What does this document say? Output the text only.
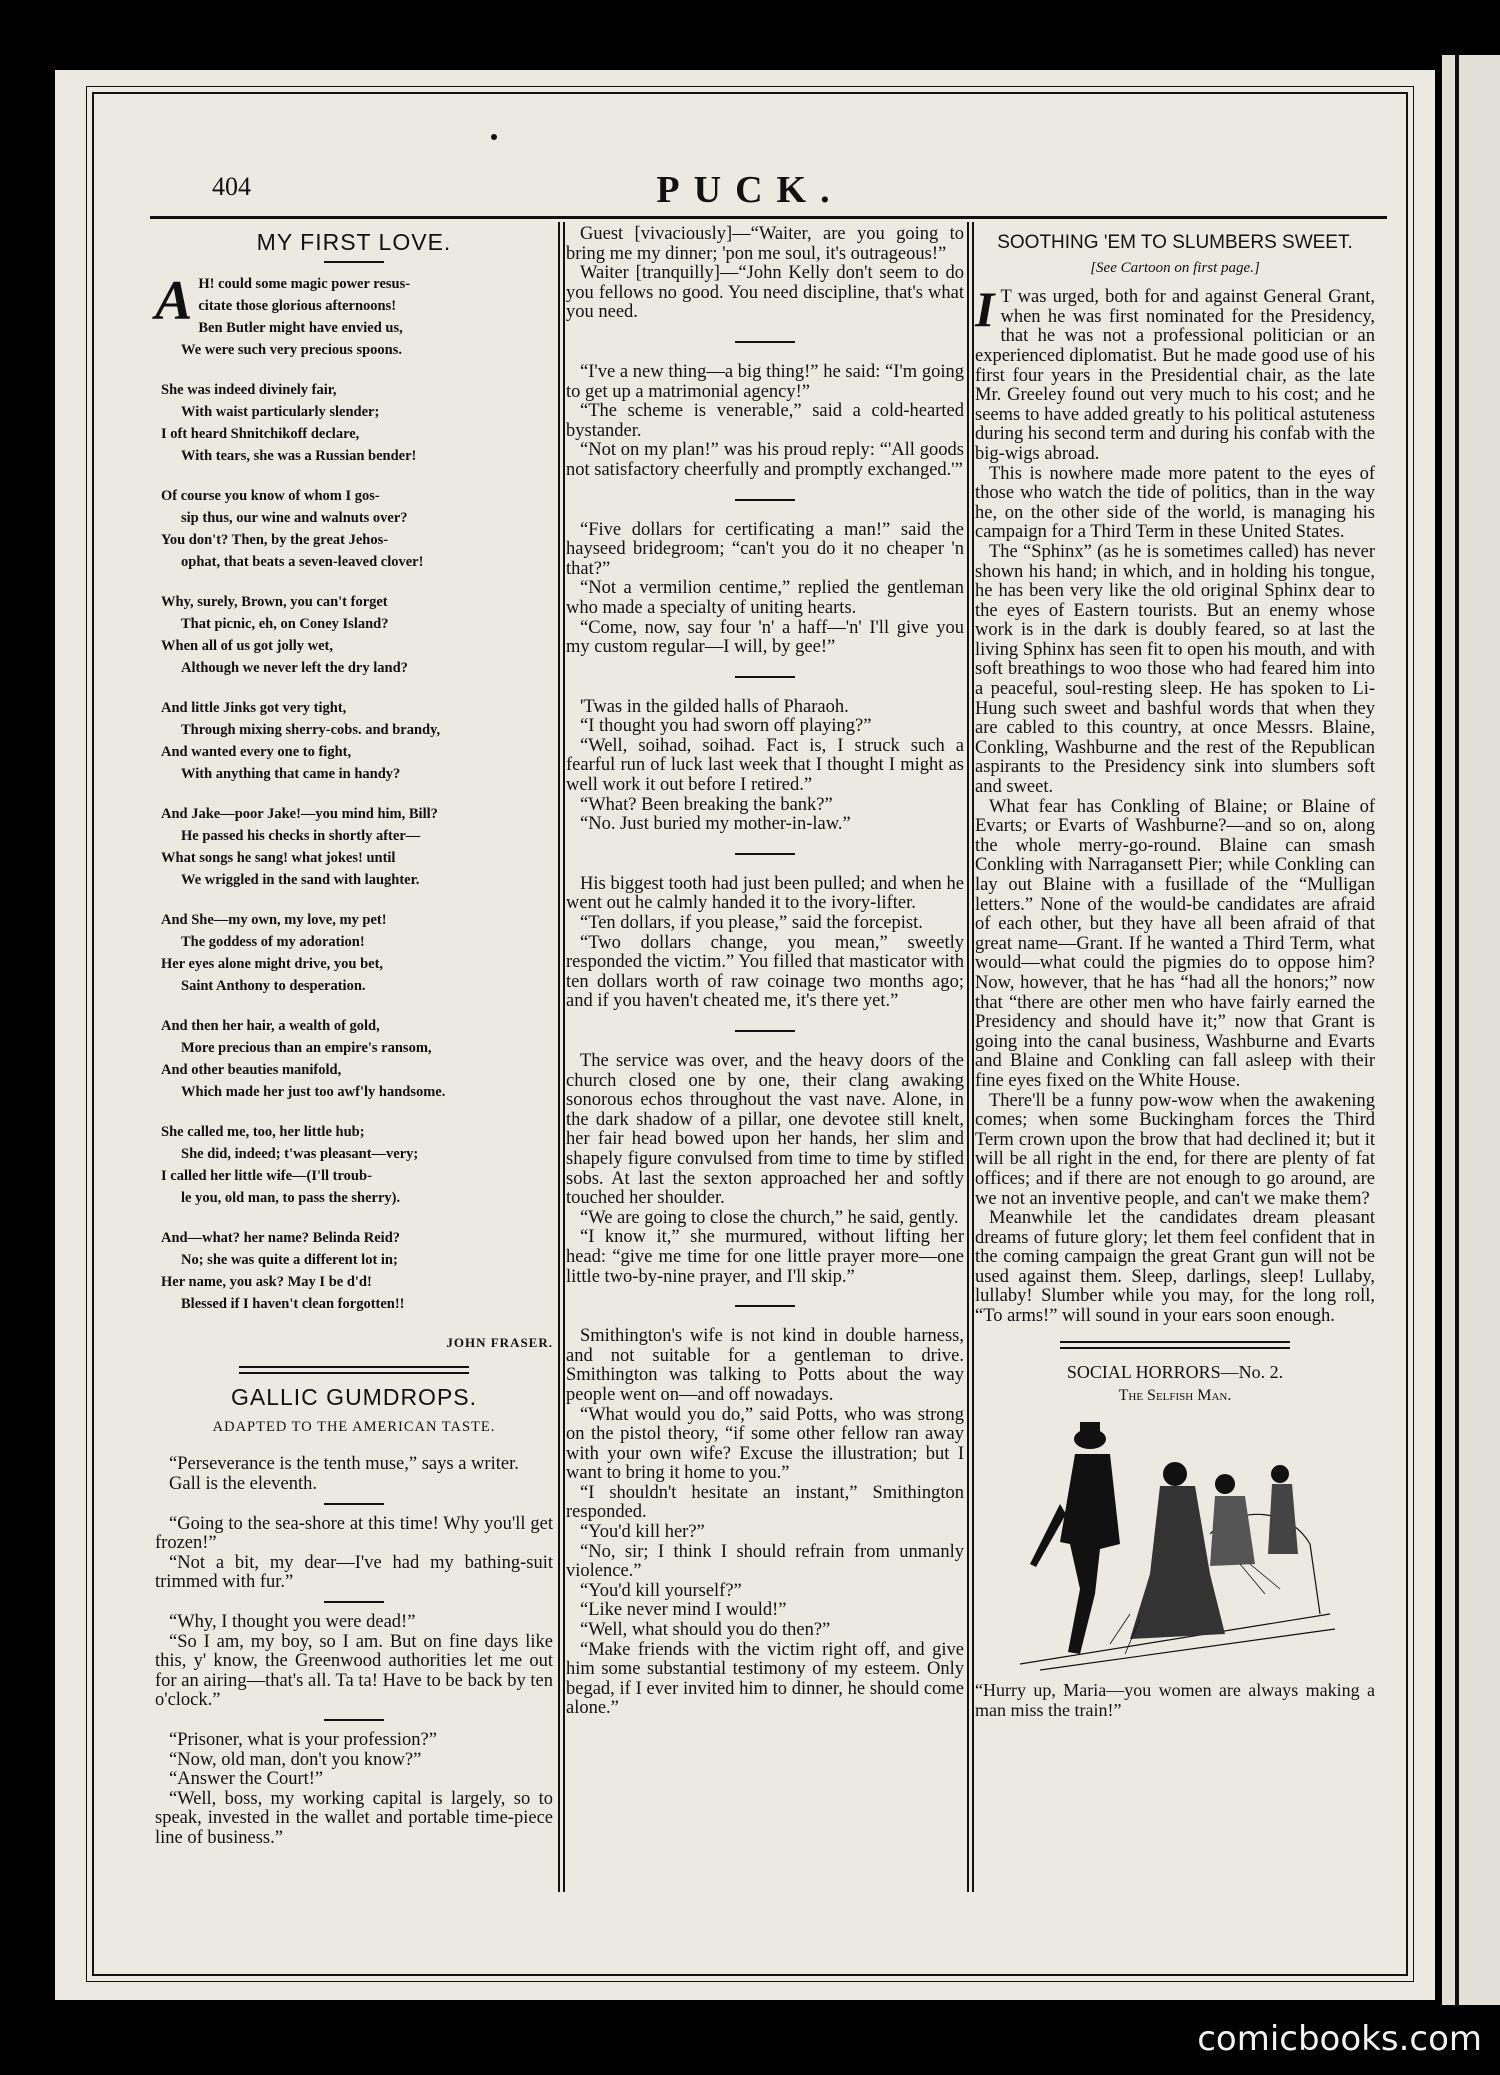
404	PUCK.
MY FIRST LOVE.
A H! could some magic power resus-
citate those glorious afternoons!
Ben Butler might have envied us,
We were such very precious spoons.
She was indeed divinely fair,
With waist particularly slender;
I oft heard Shnitchikoff declare,
With tears, she was a Russian bender!
Of course you know of whom I gos-
sip thus, our wine and walnuts over?
You don't? Then, by the great Jehos-
ophat, that beats a seven-leaved clover!
Why, surely, Brown, you can't forget
That picnic, eh, on Coney Island?
When all of us got jolly wet,
Although we never left the dry land?
And little Jinks got very tight,
Through mixing sherry-cobs. and brandy,
And wanted every one to fight,
With anything that came in handy?
And Jake—poor Jake!—you mind him, Bill?
He passed his checks in shortly after—
What songs he sang! what jokes! until
We wriggled in the sand with laughter.
And She—my own, my love, my pet!
The goddess of my adoration!
Her eyes alone might drive, you bet,
Saint Anthony to desperation.
And then her hair, a wealth of gold,
More precious than an empire's ransom,
And other beauties manifold,
Which made her just too awf'ly handsome.
She called me, too, her little hub;
She did, indeed; t'was pleasant—very;
I called her little wife—(I'll troub-
le you, old man, to pass the sherry).
And—what? her name? Belinda Reid?
No; she was quite a different lot in;
Her name, you ask? May I be d'd!
Blessed if I haven't clean forgotten!!
JOHN FRASER.
GALLIC GUMDROPS.
ADAPTED TO THE AMERICAN TASTE.

“Perseverance is the tenth muse,” says a writer.

Gall is the eleventh.

“Going to the sea-shore at this time! Why you'll get frozen!”

“Not a bit, my dear—I've had my bathing-suit trimmed with fur.”

“Why, I thought you were dead!”

“So I am, my boy, so I am. But on fine days like this, y' know, the Greenwood authorities let me out for an airing—that's all. Ta ta! Have to be back by ten o'clock.”

“Prisoner, what is your profession?”

“Now, old man, don't you know?”

“Answer the Court!”

“Well, boss, my working capital is largely, so to speak, invested in the wallet and portable time-piece line of business.”

Guest [vivaciously]—“Waiter, are you going to bring me my dinner; 'pon me soul, it's outrageous!”

Waiter [tranquilly]—“John Kelly don't seem to do you fellows no good. You need discipline, that's what you need.

“I've a new thing—a big thing!” he said: “I'm going to get up a matrimonial agency!”

“The scheme is venerable,” said a cold-hearted bystander.

“Not on my plan!” was his proud reply: “'All goods not satisfactory cheerfully and promptly exchanged.'”

“Five dollars for certificating a man!” said the hayseed bridegroom; “can't you do it no cheaper 'n that?”

“Not a vermilion centime,” replied the gentleman who made a specialty of uniting hearts.

“Come, now, say four 'n' a haff—'n' I'll give you my custom regular—I will, by gee!”

'Twas in the gilded halls of Pharaoh.

“I thought you had sworn off playing?”

“Well, soihad, soihad. Fact is, I struck such a fearful run of luck last week that I thought I might as well work it out before I retired.”

“What? Been breaking the bank?”

“No. Just buried my mother-in-law.”

His biggest tooth had just been pulled; and when he went out he calmly handed it to the ivory-lifter.

“Ten dollars, if you please,” said the forcepist.

“Two dollars change, you mean,” sweetly responded the victim.” You filled that masticator with ten dollars worth of raw coinage two months ago; and if you haven't cheated me, it's there yet.”

The service was over, and the heavy doors of the church closed one by one, their clang awaking sonorous echos throughout the vast nave. Alone, in the dark shadow of a pillar, one devotee still knelt, her fair head bowed upon her hands, her slim and shapely figure convulsed from time to time by stifled sobs. At last the sexton approached her and softly touched her shoulder.

“We are going to close the church,” he said, gently.

“I know it,” she murmured, without lifting her head: “give me time for one little prayer more—one little two-by-nine prayer, and I'll skip.”

Smithington's wife is not kind in double harness, and not suitable for a gentleman to drive. Smithington was talking to Potts about the way people went on—and off nowadays.

“What would you do,” said Potts, who was strong on the pistol theory, “if some other fellow ran away with your own wife? Excuse the illustration; but I want to bring it home to you.”

“I shouldn't hesitate an instant,” Smithington responded.

“You'd kill her?”

“No, sir; I think I should refrain from unmanly violence.”

“You'd kill yourself?”

“Like never mind I would!”

“Well, what should you do then?”

“Make friends with the victim right off, and give him some substantial testimony of my esteem. Only begad, if I ever invited him to dinner, he should come alone.”

SOOTHING 'EM TO SLUMBERS SWEET.
[See Cartoon on first page.]

I T was urged, both for and against General Grant, when he was first nominated for the Presidency, that he was not a professional politician or an experienced diplomatist. But he made good use of his first four years in the Presidential chair, as the late Mr. Greeley found out very much to his cost; and he seems to have added greatly to his political astuteness during his second term and during his confab with the big-wigs abroad.

This is nowhere made more patent to the eyes of those who watch the tide of politics, than in the way he, on the other side of the world, is managing his campaign for a Third Term in these United States.

The “Sphinx” (as he is sometimes called) has never shown his hand; in which, and in holding his tongue, he has been very like the old original Sphinx dear to the eyes of Eastern tourists. But an enemy whose work is in the dark is doubly feared, so at last the living Sphinx has seen fit to open his mouth, and with soft breathings to woo those who had feared him into a peaceful, soul-resting sleep. He has spoken to Li-Hung such sweet and bashful words that when they are cabled to this country, at once Messrs. Blaine, Conkling, Washburne and the rest of the Republican aspirants to the Presidency sink into slumbers soft and sweet.

What fear has Conkling of Blaine; or Blaine of Evarts; or Evarts of Washburne?—and so on, along the whole merry-go-round. Blaine can smash Conkling with Narragansett Pier; while Conkling can lay out Blaine with a fusillade of the “Mulligan letters.” None of the would-be candidates are afraid of each other, but they have all been afraid of that great name—Grant. If he wanted a Third Term, what would—what could the pigmies do to oppose him? Now, however, that he has “had all the honors;” now that “there are other men who have fairly earned the Presidency and should have it;” now that Grant is going into the canal business, Washburne and Evarts and Blaine and Conkling can fall asleep with their fine eyes fixed on the White House.

There'll be a funny pow-wow when the awakening comes; when some Buckingham forces the Third Term crown upon the brow that had declined it; but it will be all right in the end, for there are plenty of fat offices; and if there are not enough to go around, are we not an inventive people, and can't we make them?

Meanwhile let the candidates dream pleasant dreams of future glory; let them feel confident that in the coming campaign the great Grant gun will not be used against them. Sleep, darlings, sleep! Lullaby, lullaby! Slumber while you may, for the long roll, “To arms!” will sound in your ears soon enough.

SOCIAL HORRORS—No. 2.
The Selfish Man.
“Hurry up, Maria—you women are always making a man miss the train!”
comicbooks.com
